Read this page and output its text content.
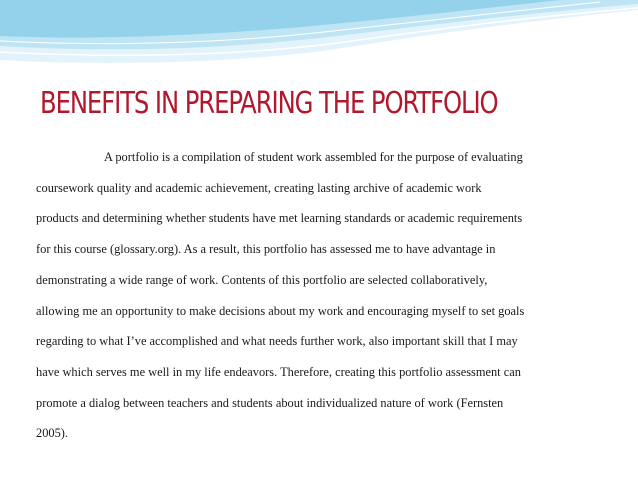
BENEFITS IN PREPARING THE PORTFOLIO
A portfolio is a compilation of student work assembled for the purpose of evaluating
coursework quality and academic achievement, creating lasting archive of academic work
products and determining whether students have met learning standards or academic requirements
for this course (glossary.org). As a result, this portfolio has assessed me to have advantage in
demonstrating a wide range of work. Contents of this portfolio are selected collaboratively,
allowing me an opportunity to make decisions about my work and encouraging myself to set goals
regarding to what I’ve accomplished and what needs further work, also important skill that I may
have which serves me well in my life endeavors. Therefore, creating this portfolio assessment can
promote a dialog between teachers and students about individualized nature of work (Fernsten
2005).
